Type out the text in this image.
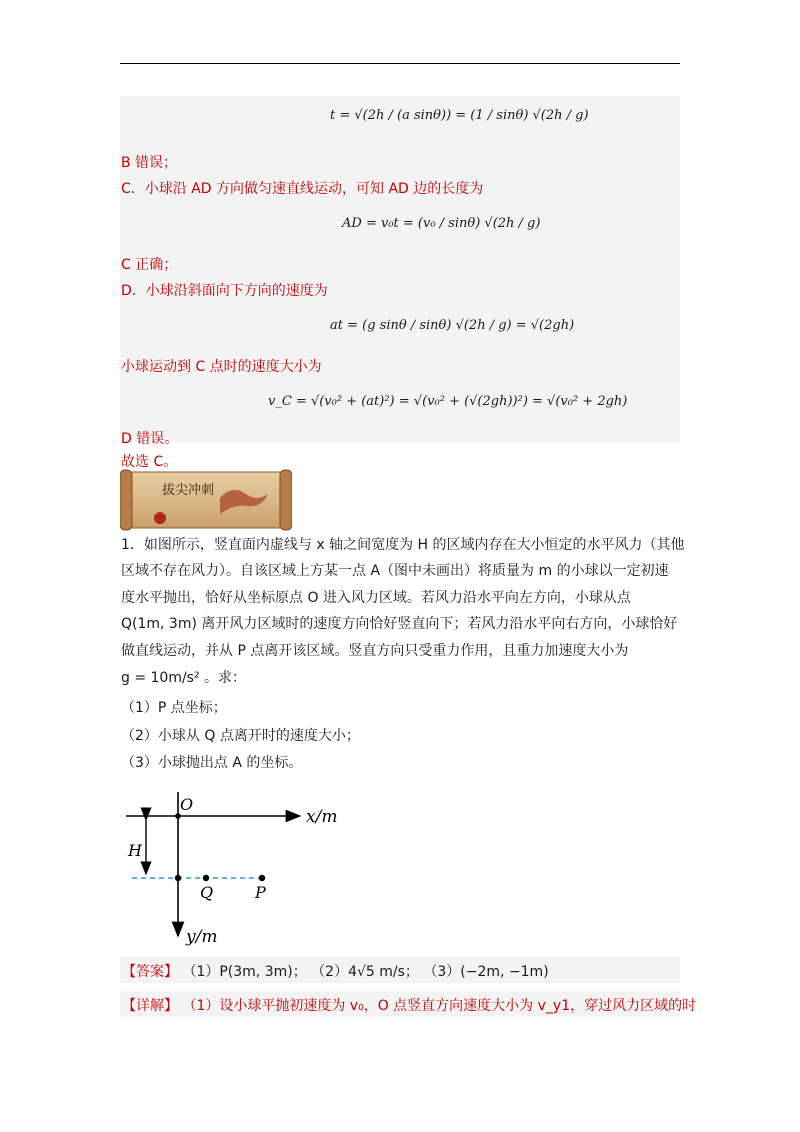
t = √(2h / (a sinθ)) = (1 / sinθ) √(2h / g)
B 错误；
C．小球沿 AD 方向做匀速直线运动，可知 AD 边的长度为
AD = v₀t = (v₀ / sinθ) √(2h / g)
C 正确；
D．小球沿斜面向下方向的速度为
at = (g sinθ / sinθ) √(2h / g) = √(2gh)
小球运动到 C 点时的速度大小为
v_C = √(v₀² + (at)²) = √(v₀² + (√(2gh))²) = √(v₀² + 2gh)
D 错误。
故选 C。
拔尖冲刺
1．如图所示，竖直面内虚线与 x 轴之间宽度为 H 的区域内存在大小恒定的水平风力（其他
区域不存在风力）。自该区域上方某一点 A（图中未画出）将质量为 m 的小球以一定初速
度水平抛出，恰好从坐标原点 O 进入风力区域。若风力沿水平向左方向，小球从点
Q(1m, 3m) 离开风力区域时的速度方向恰好竖直向下；若风力沿水平向右方向，小球恰好
做直线运动，并从 P 点离开该区域。竖直方向只受重力作用，且重力加速度大小为
g = 10m/s² 。求：
（1）P 点坐标；
（2）小球从 Q 点离开时的速度大小；
（3）小球抛出点 A 的坐标。
O
x/m
y/m
H
Q	P
【答案】 （1）P(3m, 3m)； （2）4√5 m/s； （3）(−2m, −1m)
【详解】 （1）设小球平抛初速度为 v₀，O 点竖直方向速度大小为 v_y1，穿过风力区域的时
